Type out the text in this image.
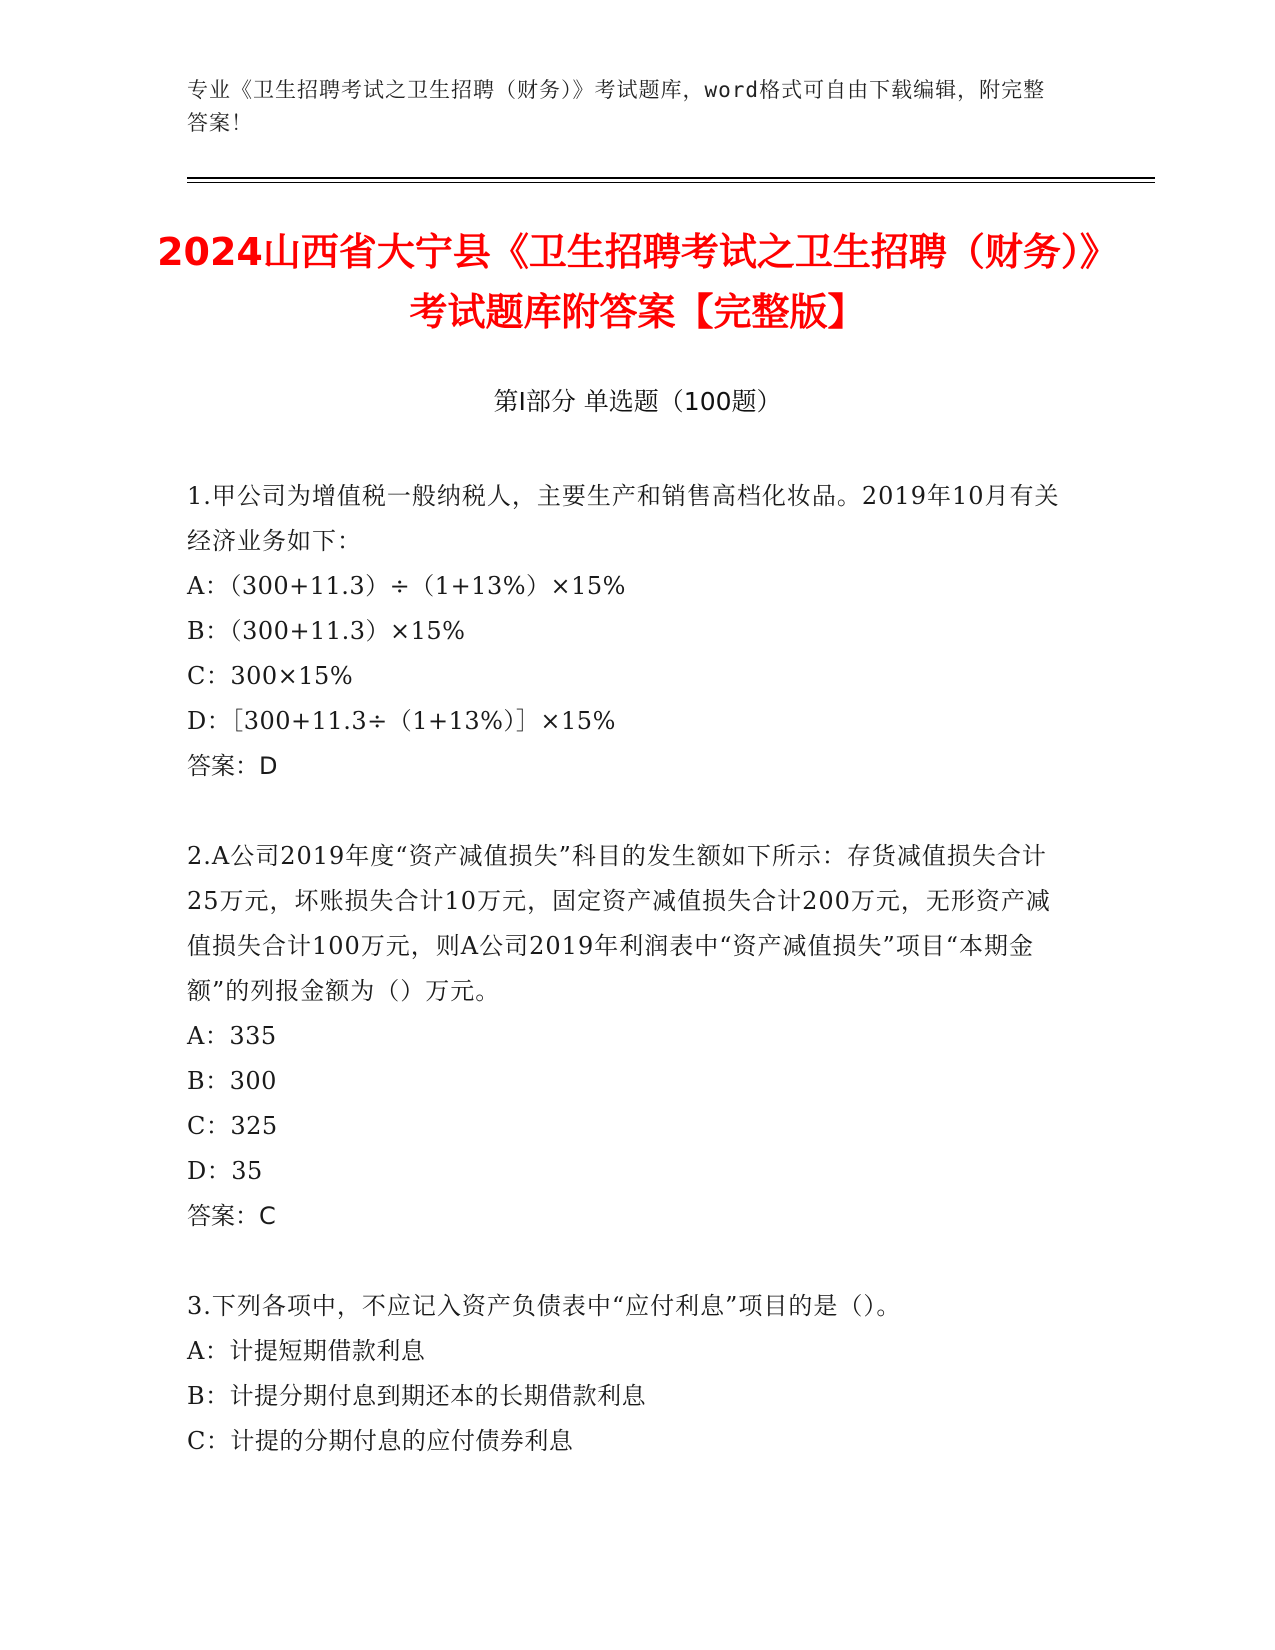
专业《卫生招聘考试之卫生招聘（财务）》考试题库，word格式可自由下载编辑，附完整答案！
2024山西省大宁县《卫生招聘考试之卫生招聘（财务）》考试题库附答案【完整版】
第I部分 单选题（100题）

1.甲公司为增值税一般纳税人，主要生产和销售高档化妆品。2019年10月有关经济业务如下：

A：（300+11.3）÷（1+13%）×15%

B：（300+11.3）×15%

C：300×15%

D：［300+11.3÷（1+13%）］×15%

答案：D

2.A公司2019年度“资产减值损失”科目的发生额如下所示：存货减值损失合计25万元，坏账损失合计10万元，固定资产减值损失合计200万元，无形资产减值损失合计100万元，则A公司2019年利润表中“资产减值损失”项目“本期金额”的列报金额为（）万元。

A：335

B：300

C：325

D：35

答案：C

3.下列各项中，不应记入资产负债表中“应付利息”项目的是（）。

A：计提短期借款利息

B：计提分期付息到期还本的长期借款利息

C：计提的分期付息的应付债券利息
